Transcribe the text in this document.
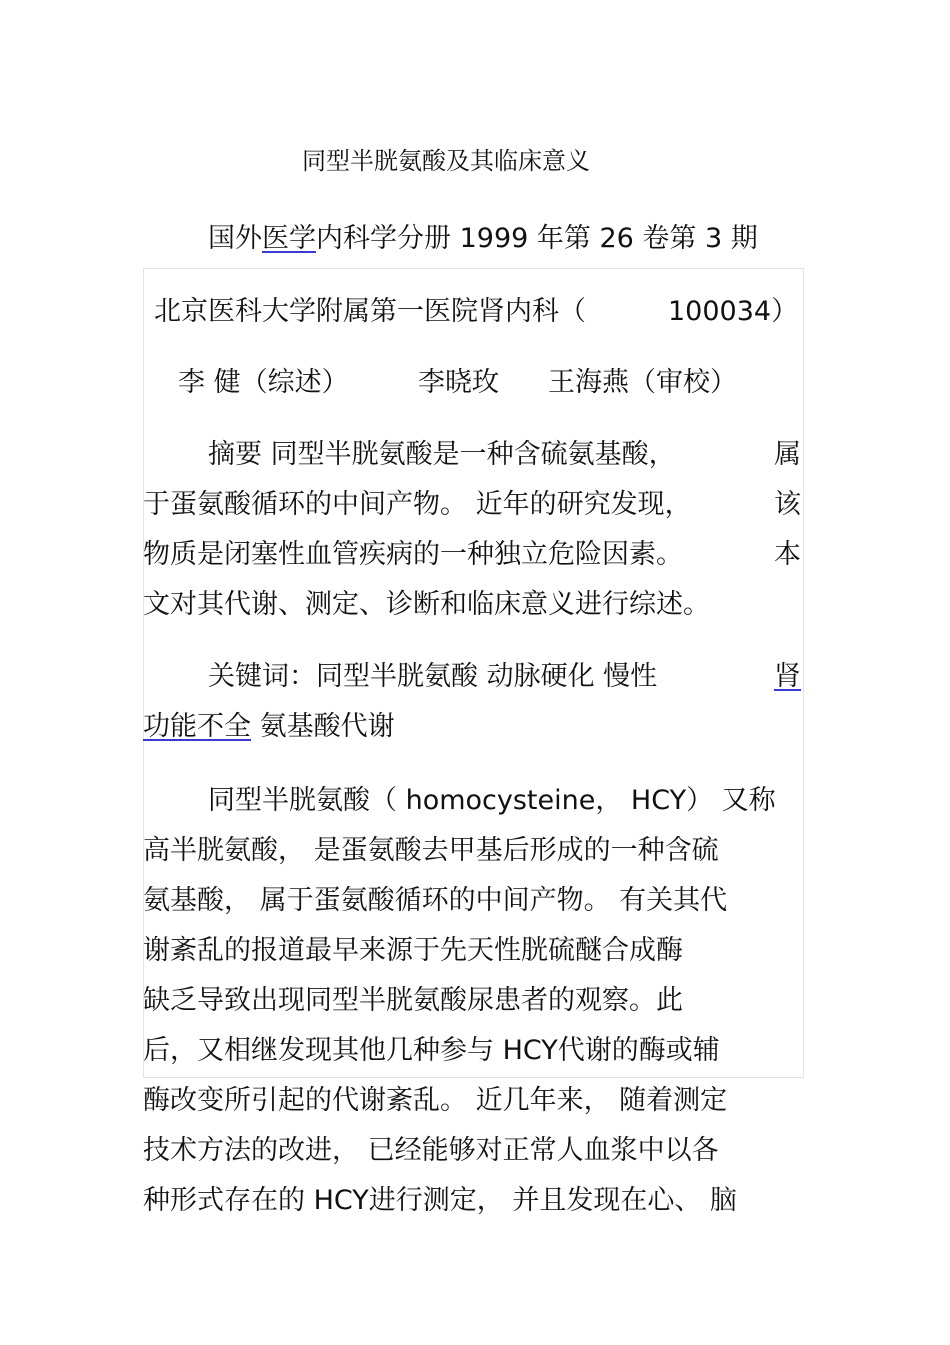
同型半胱氨酸及其临床意义
国外医学内科学分册 1999 年第 26 卷第 3 期
北京医科大学附属第一医院肾内科（	100034）
李 健（综述）	李晓玫 王海燕（审校）
摘要 同型半胱氨酸是一种含硫氨基酸，	属
于蛋氨酸循环的中间产物。 近年的研究发现，	该
物质是闭塞性血管疾病的一种独立危险因素。	本
文对其代谢、测定、诊断和临床意义进行综述。
关键词：同型半胱氨酸 动脉硬化 慢性	肾
功能不全 氨基酸代谢
同型半胱氨酸（ homocysteine， HCY） 又称
高半胱氨酸， 是蛋氨酸去甲基后形成的一种含硫
氨基酸， 属于蛋氨酸循环的中间产物。 有关其代
谢紊乱的报道最早来源于先天性胱硫醚合成酶
缺乏导致出现同型半胱氨酸尿患者的观察。此
后，又相继发现其他几种参与 HCY代谢的酶或辅
酶改变所引起的代谢紊乱。 近几年来， 随着测定
技术方法的改进， 已经能够对正常人血浆中以各
种形式存在的 HCY进行测定， 并且发现在心、 脑
